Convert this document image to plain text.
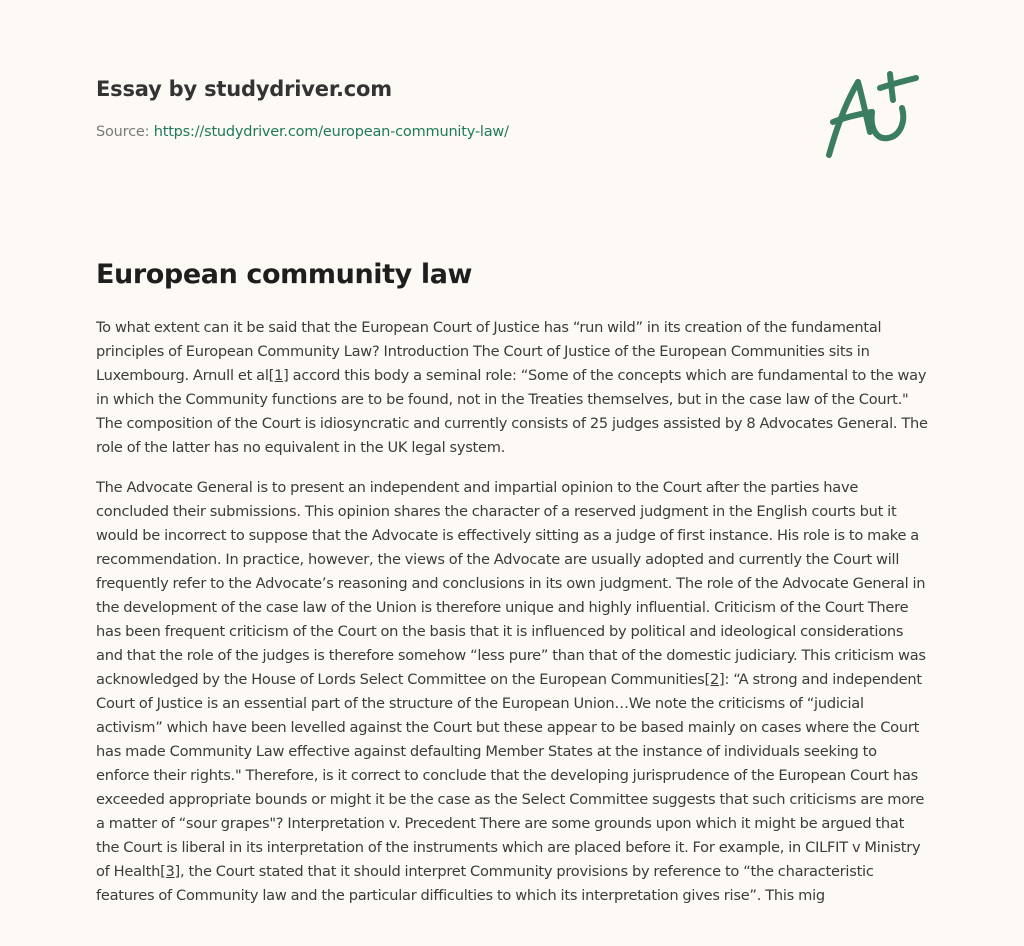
Essay by studydriver.com
Source: https://studydriver.com/european-community-law/
European community law

To what extent can it be said that the European Court of Justice has “run wild” in its creation of the fundamental principles of European Community Law? Introduction The Court of Justice of the European Communities sits in Luxembourg. Arnull et al[1] accord this body a seminal role: “Some of the concepts which are fundamental to the way in which the Community functions are to be found, not in the Treaties themselves, but in the case law of the Court." The composition of the Court is idiosyncratic and currently consists of 25 judges assisted by 8 Advocates General. The role of the latter has no equivalent in the UK legal system.

The Advocate General is to present an independent and impartial opinion to the Court after the parties have concluded their submissions. This opinion shares the character of a reserved judgment in the English courts but it would be incorrect to suppose that the Advocate is effectively sitting as a judge of first instance. His role is to make a recommendation. In practice, however, the views of the Advocate are usually adopted and currently the Court will frequently refer to the Advocate’s reasoning and conclusions in its own judgment. The role of the Advocate General in the development of the case law of the Union is therefore unique and highly influential. Criticism of the Court There has been frequent criticism of the Court on the basis that it is influenced by political and ideological considerations and that the role of the judges is therefore somehow “less pure” than that of the domestic judiciary. This criticism was acknowledged by the House of Lords Select Committee on the European Communities[2]: “A strong and independent Court of Justice is an essential part of the structure of the European Union…We note the criticisms of “judicial activism” which have been levelled against the Court but these appear to be based mainly on cases where the Court has made Community Law effective against defaulting Member States at the instance of individuals seeking to enforce their rights." Therefore, is it correct to conclude that the developing jurisprudence of the European Court has exceeded appropriate bounds or might it be the case as the Select Committee suggests that such criticisms are more a matter of “sour grapes"? Interpretation v. Precedent There are some grounds upon which it might be argued that the Court is liberal in its interpretation of the instruments which are placed before it. For example, in CILFIT v Ministry of Health[3], the Court stated that it should interpret Community provisions by reference to “the characteristic features of Community law and the particular difficulties to which its interpretation gives rise”. This mig
